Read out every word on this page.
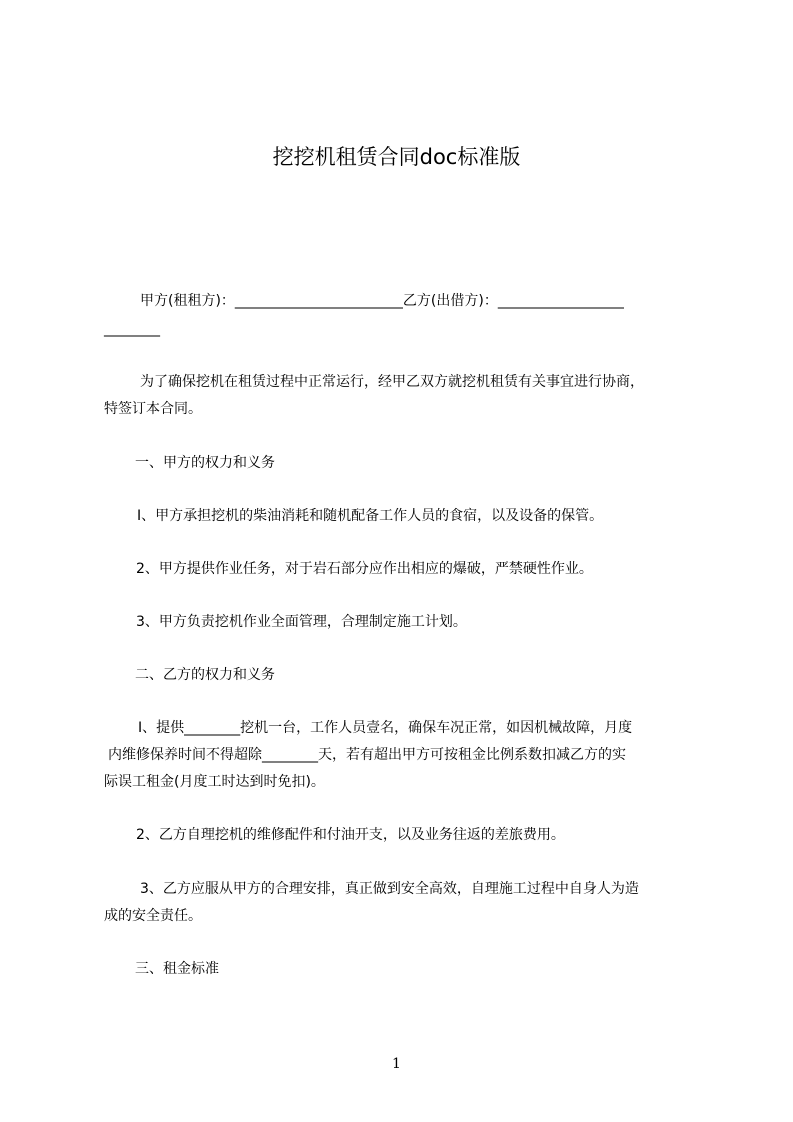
挖挖机租赁合同doc标准版
甲方(租租方)：________________________乙方(出借方)：__________________
________
为了确保挖机在租赁过程中正常运行，经甲乙双方就挖机租赁有关事宜进行协商，
特签订本合同。
一、甲方的权力和义务
I、甲方承担挖机的柴油消耗和随机配备工作人员的食宿，以及设备的保管。
2、甲方提供作业任务，对于岩石部分应作出相应的爆破，严禁硬性作业。
3、甲方负责挖机作业全面管理，合理制定施工计划。
二、乙方的权力和义务
I、提供________挖机一台，工作人员壹名，确保车况正常，如因机械故障，月度
内维修保养时间不得超除________天，若有超出甲方可按租金比例系数扣减乙方的实
际误工租金(月度工时达到时免扣)。
2、乙方自理挖机的维修配件和付油开支，以及业务往返的差旅费用。
3、乙方应服从甲方的合理安排，真正做到安全高效，自理施工过程中自身人为造
成的安全责任。
三、租金标准
1
